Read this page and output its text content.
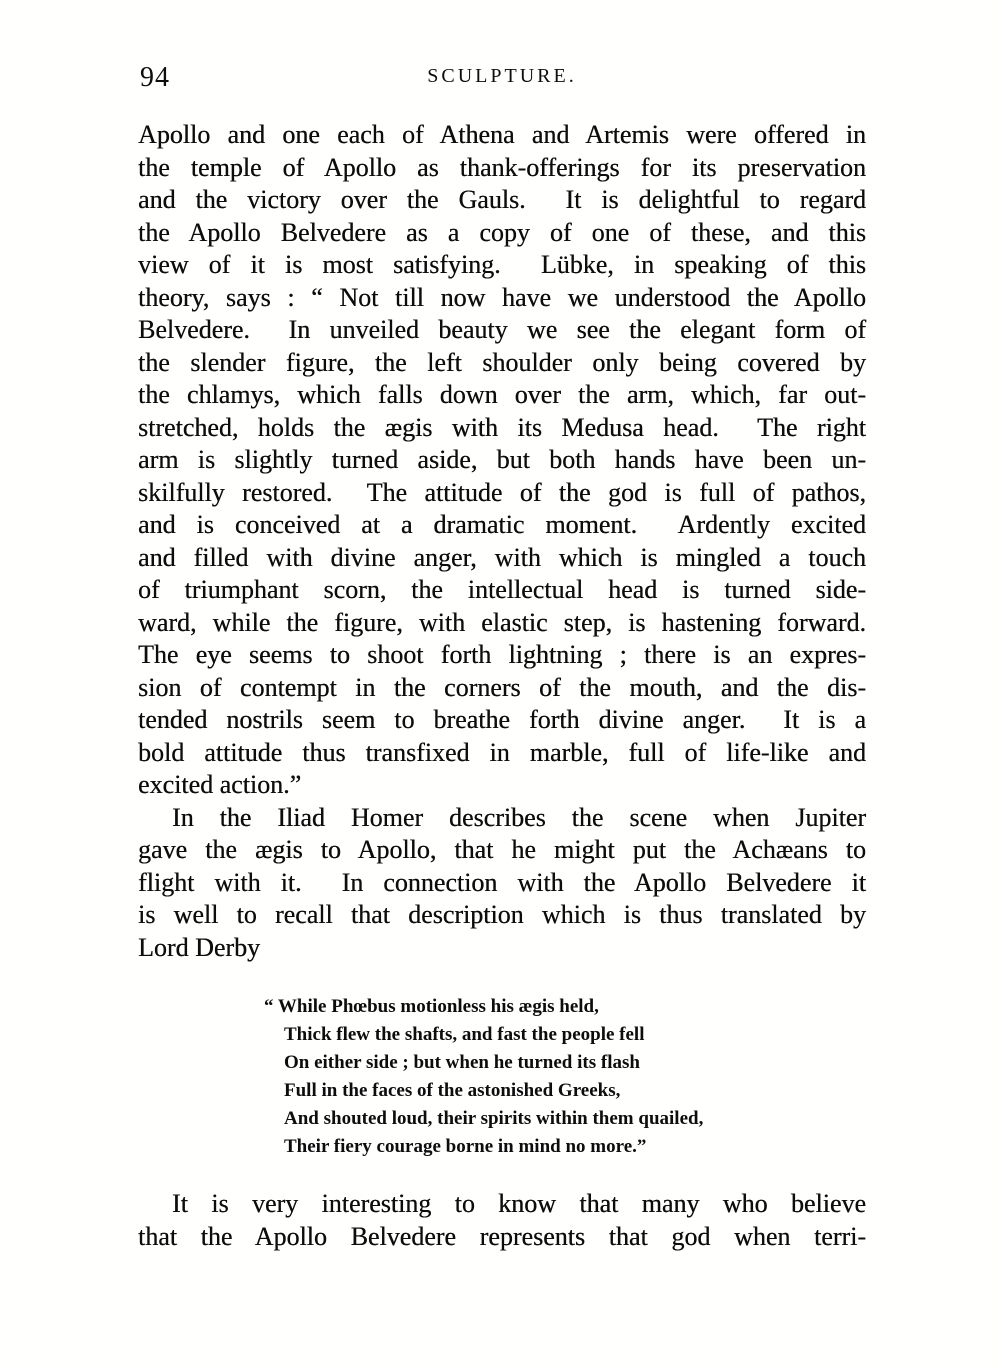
94	SCULPTURE.
Apollo and one each of Athena and Artemis were offered in
the temple of Apollo as thank-offerings for its preservation
and the victory over the Gauls.  It is delightful to regard
the Apollo Belvedere as a copy of one of these, and this
view of it is most satisfying.  Lübke, in speaking of this
theory, says : “ Not till now have we understood the Apollo
Belvedere.  In unveiled beauty we see the elegant form of
the slender figure, the left shoulder only being covered by
the chlamys, which falls down over the arm, which, far out-
stretched, holds the ægis with its Medusa head.  The right
arm is slightly turned aside, but both hands have been un-
skilfully restored.  The attitude of the god is full of pathos,
and is conceived at a dramatic moment.  Ardently excited
and filled with divine anger, with which is mingled a touch
of triumphant scorn, the intellectual head is turned side-
ward, while the figure, with elastic step, is hastening forward.
The eye seems to shoot forth lightning ; there is an expres-
sion of contempt in the corners of the mouth, and the dis-
tended nostrils seem to breathe forth divine anger.  It is a
bold attitude thus transfixed in marble, full of life-like and
excited action.”
In the Iliad Homer describes the scene when Jupiter
gave the ægis to Apollo, that he might put the Achæans to
flight with it.  In connection with the Apollo Belvedere it
is well to recall that description which is thus translated by
Lord Derby
“ While Phœbus motionless his ægis held,
Thick flew the shafts, and fast the people fell
On either side ; but when he turned its flash
Full in the faces of the astonished Greeks,
And shouted loud, their spirits within them quailed,
Their fiery courage borne in mind no more.”
It is very interesting to know that many who believe
that the Apollo Belvedere represents that god when terri-
